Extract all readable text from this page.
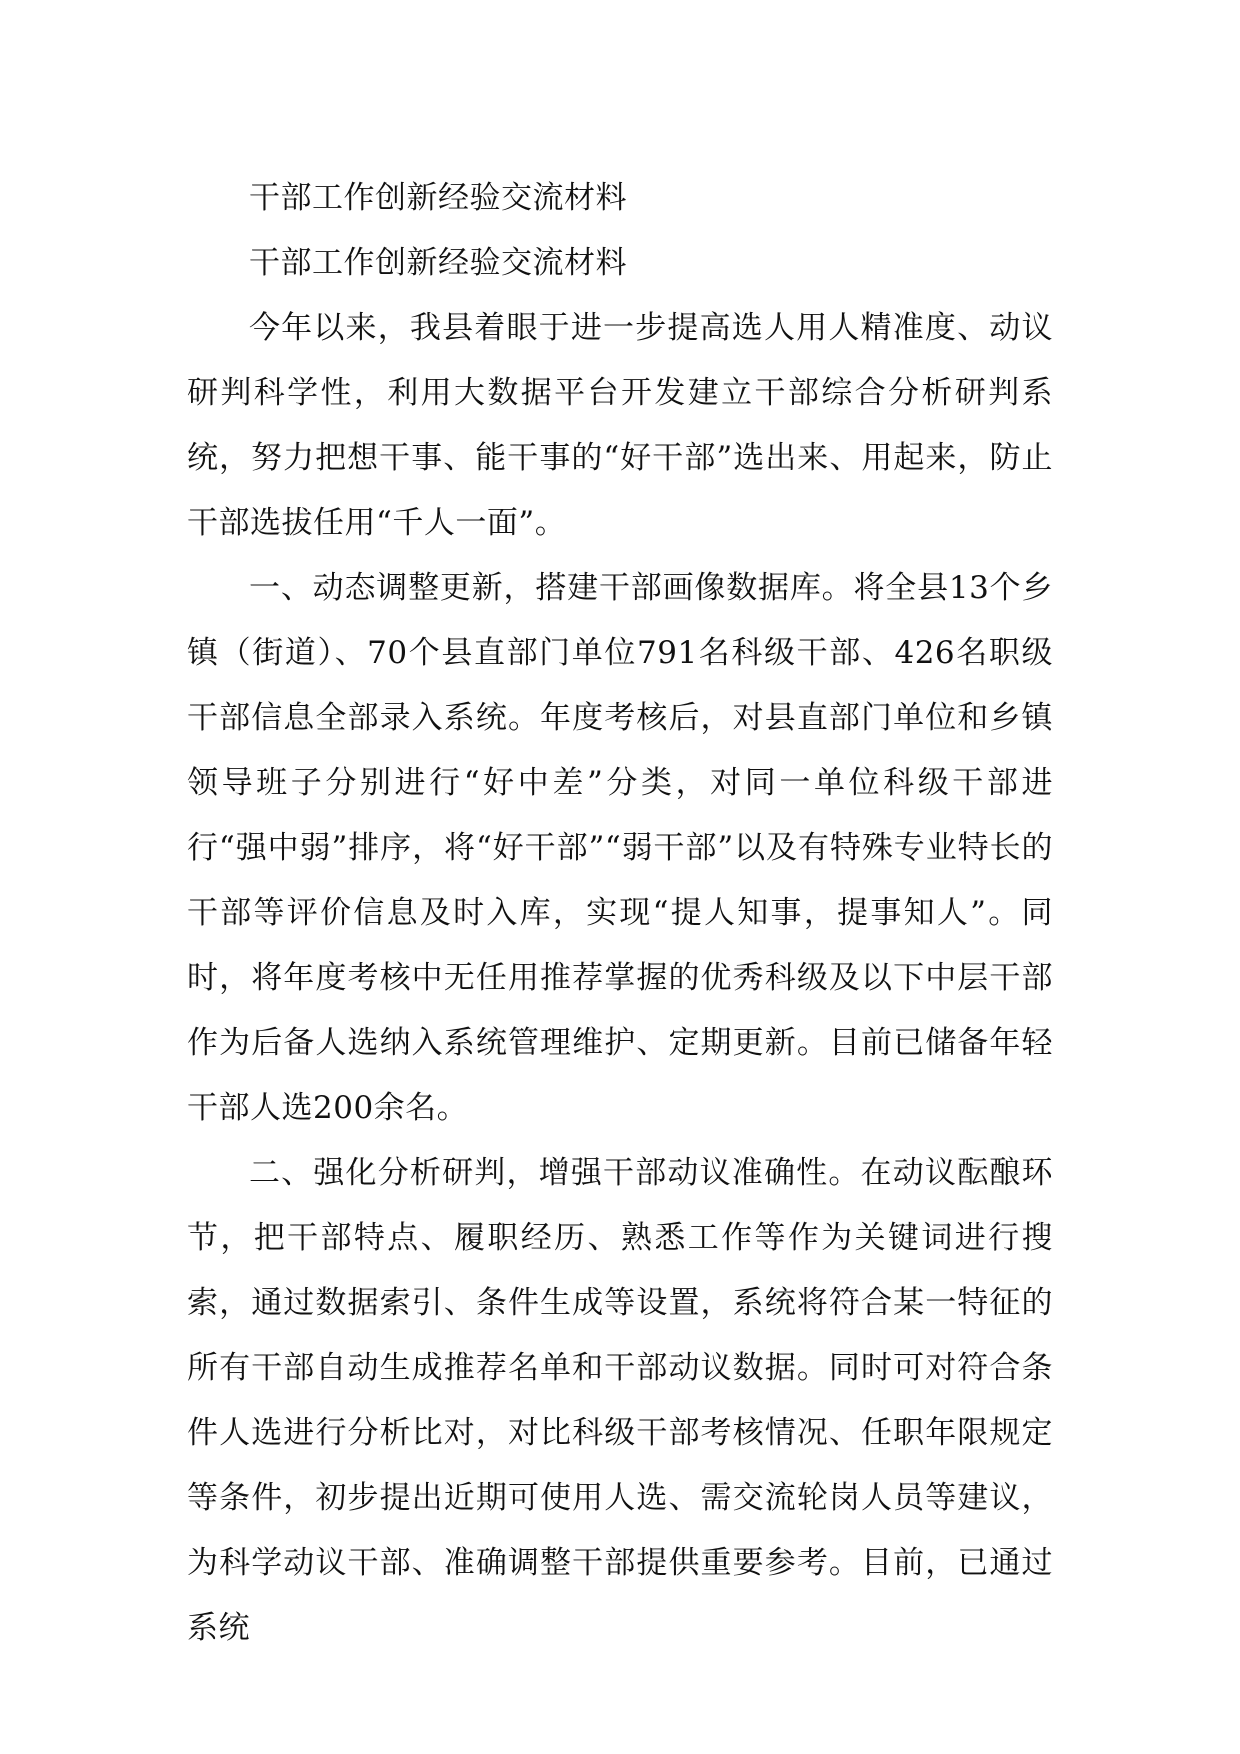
干部工作创新经验交流材料

干部工作创新经验交流材料

今年以来，我县着眼于进一步提高选人用人精准度、动议研判科学性，利用大数据平台开发建立干部综合分析研判系统，努力把想干事、能干事的“好干部”选出来、用起来，防止干部选拔任用“千人一面”。

一、动态调整更新，搭建干部画像数据库。将全县13个乡镇（街道）、70个县直部门单位791名科级干部、426名职级干部信息全部录入系统。年度考核后，对县直部门单位和乡镇领导班子分别进行“好中差”分类，对同一单位科级干部进行“强中弱”排序，将“好干部”“弱干部”以及有特殊专业特长的干部等评价信息及时入库，实现“提人知事，提事知人”。同时，将年度考核中无任用推荐掌握的优秀科级及以下中层干部作为后备人选纳入系统管理维护、定期更新。目前已储备年轻干部人选200余名。

二、强化分析研判，增强干部动议准确性。在动议酝酿环节，把干部特点、履职经历、熟悉工作等作为关键词进行搜索，通过数据索引、条件生成等设置，系统将符合某一特征的所有干部自动生成推荐名单和干部动议数据。同时可对符合条件人选进行分析比对，对比科级干部考核情况、任职年限规定等条件，初步提出近期可使用人选、需交流轮岗人员等建议，为科学动议干部、准确调整干部提供重要参考。目前，已通过系统
